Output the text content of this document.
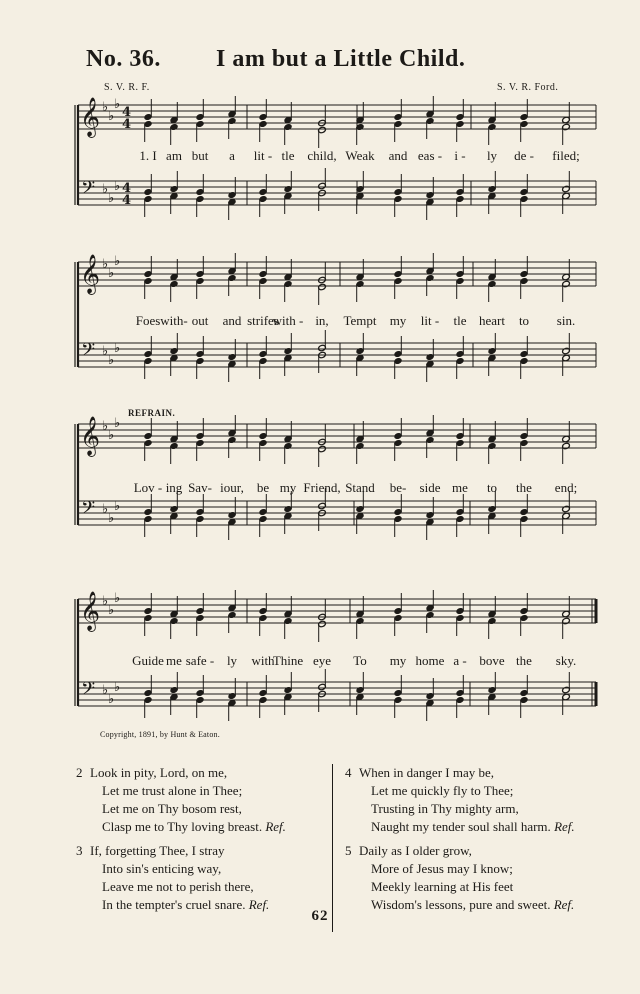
No. 36. I am but a Little Child.
S. V. R. F.	S. V. R. Ford.
𝄞
𝄢
♭
♭
♭
♭
♭
♭
4
4
4
4
𝄞
𝄢
♭
♭
♭
♭
♭
♭
𝄞
𝄢
♭
♭
♭
♭
♭
♭
𝄞
𝄢
♭
♭
♭
♭
♭
♭
REFRAIN.
1. I am but a lit - tle child, Weak and eas - i - ly de - filed;
Foes with- out and strifes
with - in, Tempt my lit - tle heart to sin.
Lov - ing Sav- iour, be my Friend, Stand be- side me to the end;
Guide me safe - ly with
Thine eye To my home a - bove the sky.
Copyright, 1891, by Hunt & Eaton.
2 Look in pity, Lord, on me,
Let me trust alone in Thee;
Let me on Thy bosom rest,
Clasp me to Thy loving breast. Ref.
3 If, forgetting Thee, I stray
Into sin's enticing way,
Leave me not to perish there,
In the tempter's cruel snare. Ref.
4 When in danger I may be,
Let me quickly fly to Thee;
Trusting in Thy mighty arm,
Naught my tender soul shall harm. Ref.
5 Daily as I older grow,
More of Jesus may I know;
Meekly learning at His feet
Wisdom's lessons, pure and sweet. Ref.
62
